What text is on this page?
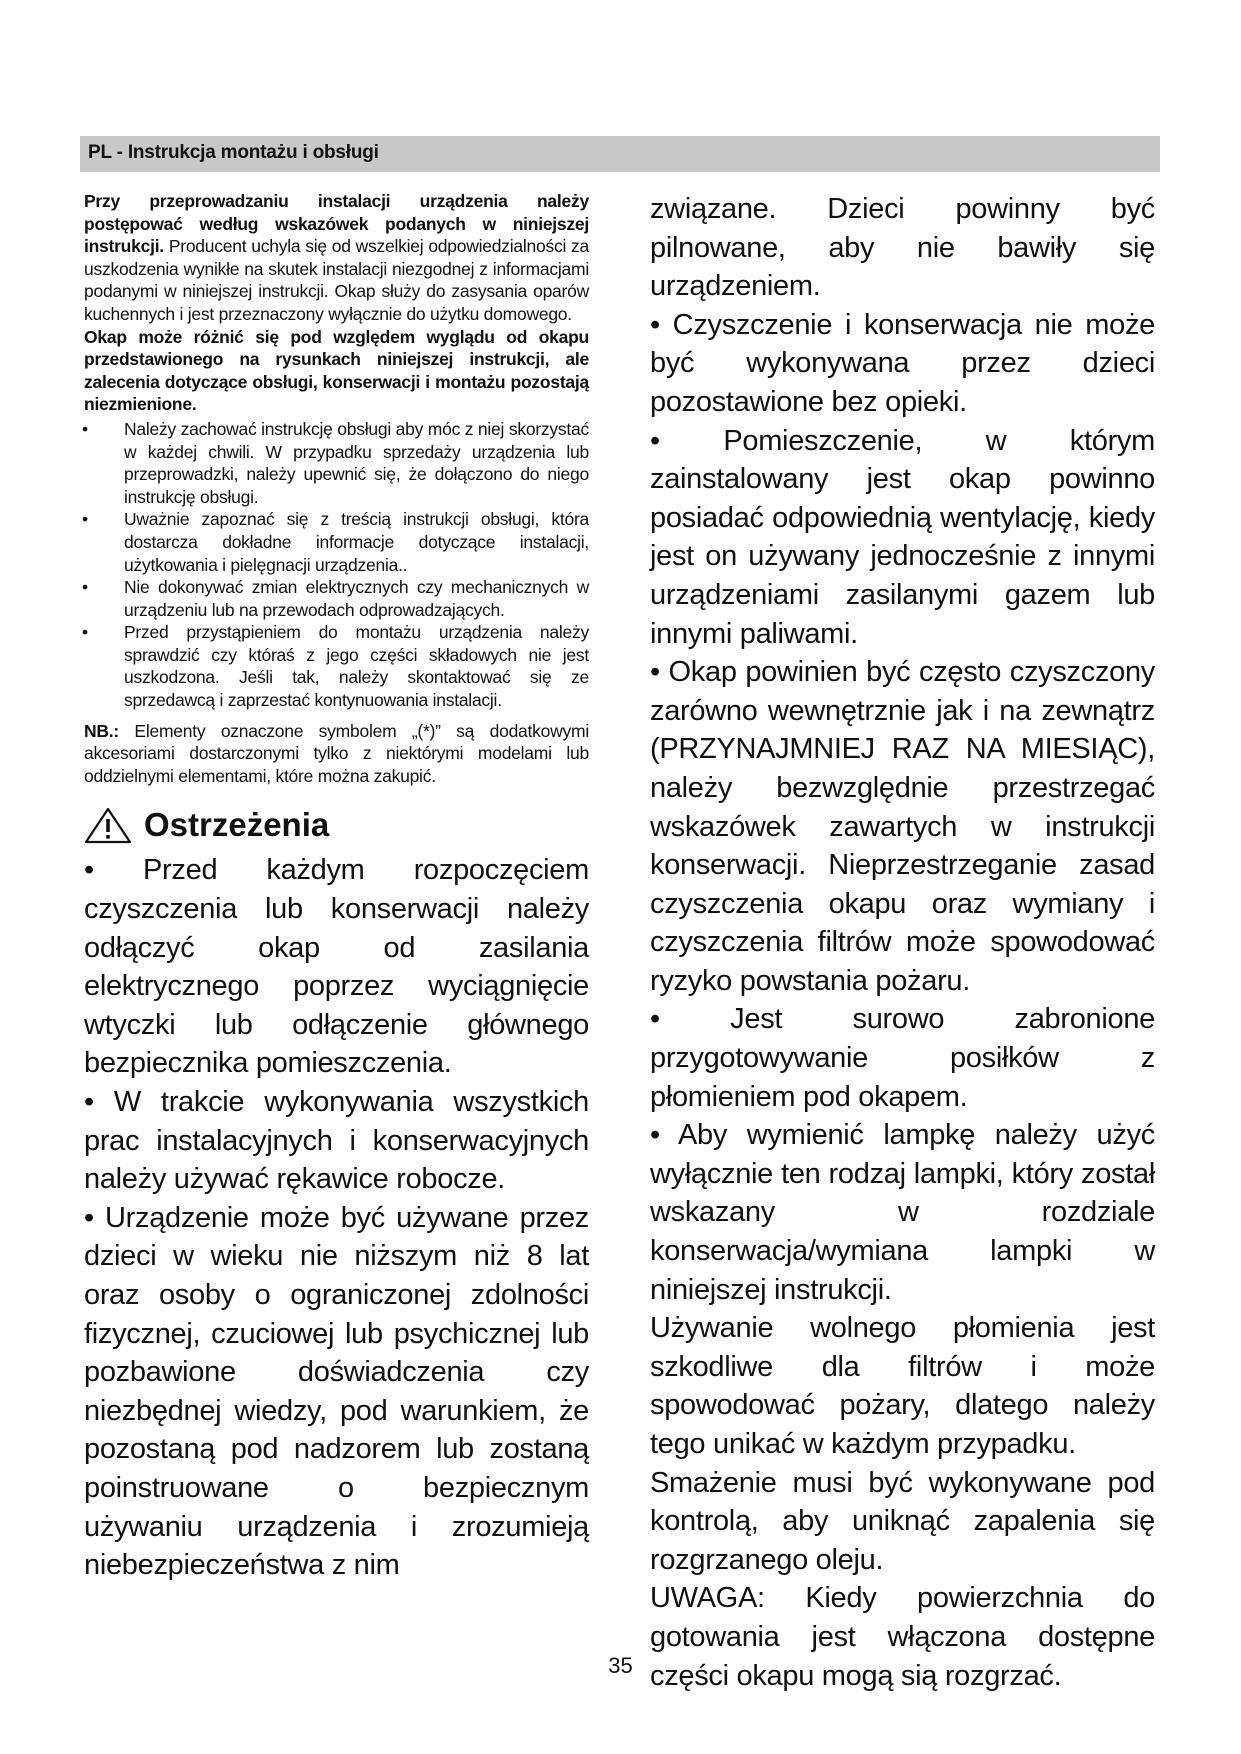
PL - Instrukcja montażu i obsługi

Przy przeprowadzaniu instalacji urządzenia należy postępować według wskazówek podanych w niniejszej instrukcji. Producent uchyla się od wszelkiej odpowiedzialności za uszkodzenia wynikłe na skutek instalacji niezgodnej z informacjami podanymi w niniejszej instrukcji. Okap służy do zasysania oparów kuchennych i jest przeznaczony wyłącznie do użytku domowego.

Okap może różnić się pod względem wyglądu od okapu przedstawionego na rysunkach niniejszej instrukcji, ale zalecenia dotyczące obsługi, konserwacji i montażu pozostają niezmienione.

• Należy zachować instrukcję obsługi aby móc z niej skorzystać w każdej chwili. W przypadku sprzedaży urządzenia lub przeprowadzki, należy upewnić się, że dołączono do niego instrukcję obsługi.
• Uważnie zapoznać się z treścią instrukcji obsługi, która dostarcza dokładne informacje dotyczące instalacji, użytkowania i pielęgnacji urządzenia..
• Nie dokonywać zmian elektrycznych czy mechanicznych w urządzeniu lub na przewodach odprowadzających.
• Przed przystąpieniem do montażu urządzenia należy sprawdzić czy któraś z jego części składowych nie jest uszkodzona. Jeśli tak, należy skontaktować się ze sprzedawcą i zaprzestać kontynuowania instalacji.

NB.: Elementy oznaczone symbolem „(*)” są dodatkowymi akcesoriami dostarczonymi tylko z niektórymi modelami lub oddzielnymi elementami, które można zakupić.

Ostrzeżenia

• Przed każdym rozpoczęciem czyszczenia lub konserwacji należy odłączyć okap od zasilania elektrycznego poprzez wyciągnięcie wtyczki lub odłączenie głównego bezpiecznika pomieszczenia.

• W trakcie wykonywania wszystkich prac instalacyjnych i konserwacyjnych należy używać rękawice robocze.

• Urządzenie może być używane przez dzieci w wieku nie niższym niż 8 lat oraz osoby o ograniczonej zdolności fizycznej, czuciowej lub psychicznej lub pozbawione doświadczenia czy niezbędnej wiedzy, pod warunkiem, że pozostaną pod nadzorem lub zostaną poinstruowane o bezpiecznym używaniu urządzenia i zrozumieją niebezpieczeństwa z nim

związane. Dzieci powinny być pilnowane, aby nie bawiły się urządzeniem.

• Czyszczenie i konserwacja nie może być wykonywana przez dzieci pozostawione bez opieki.

• Pomieszczenie, w którym zainstalowany jest okap powinno posiadać odpowiednią wentylację, kiedy jest on używany jednocześnie z innymi urządzeniami zasilanymi gazem lub innymi paliwami.

• Okap powinien być często czyszczony zarówno wewnętrznie jak i na zewnątrz (PRZYNAJMNIEJ RAZ NA MIESIĄC), należy bezwzględnie przestrzegać wskazówek zawartych w instrukcji konserwacji. Nieprzestrzeganie zasad czyszczenia okapu oraz wymiany i czyszczenia filtrów może spowodować ryzyko powstania pożaru.

• Jest surowo zabronione przygotowywanie posiłków z płomieniem pod okapem.

• Aby wymienić lampkę należy użyć wyłącznie ten rodzaj lampki, który został wskazany w rozdziale konserwacja/wymiana lampki w niniejszej instrukcji.

Używanie wolnego płomienia jest szkodliwe dla filtrów i może spowodować pożary, dlatego należy tego unikać w każdym przypadku.

Smażenie musi być wykonywane pod kontrolą, aby uniknąć zapalenia się rozgrzanego oleju.

UWAGA: Kiedy powierzchnia do gotowania jest włączona dostępne części okapu mogą sią rozgrzać.

35
